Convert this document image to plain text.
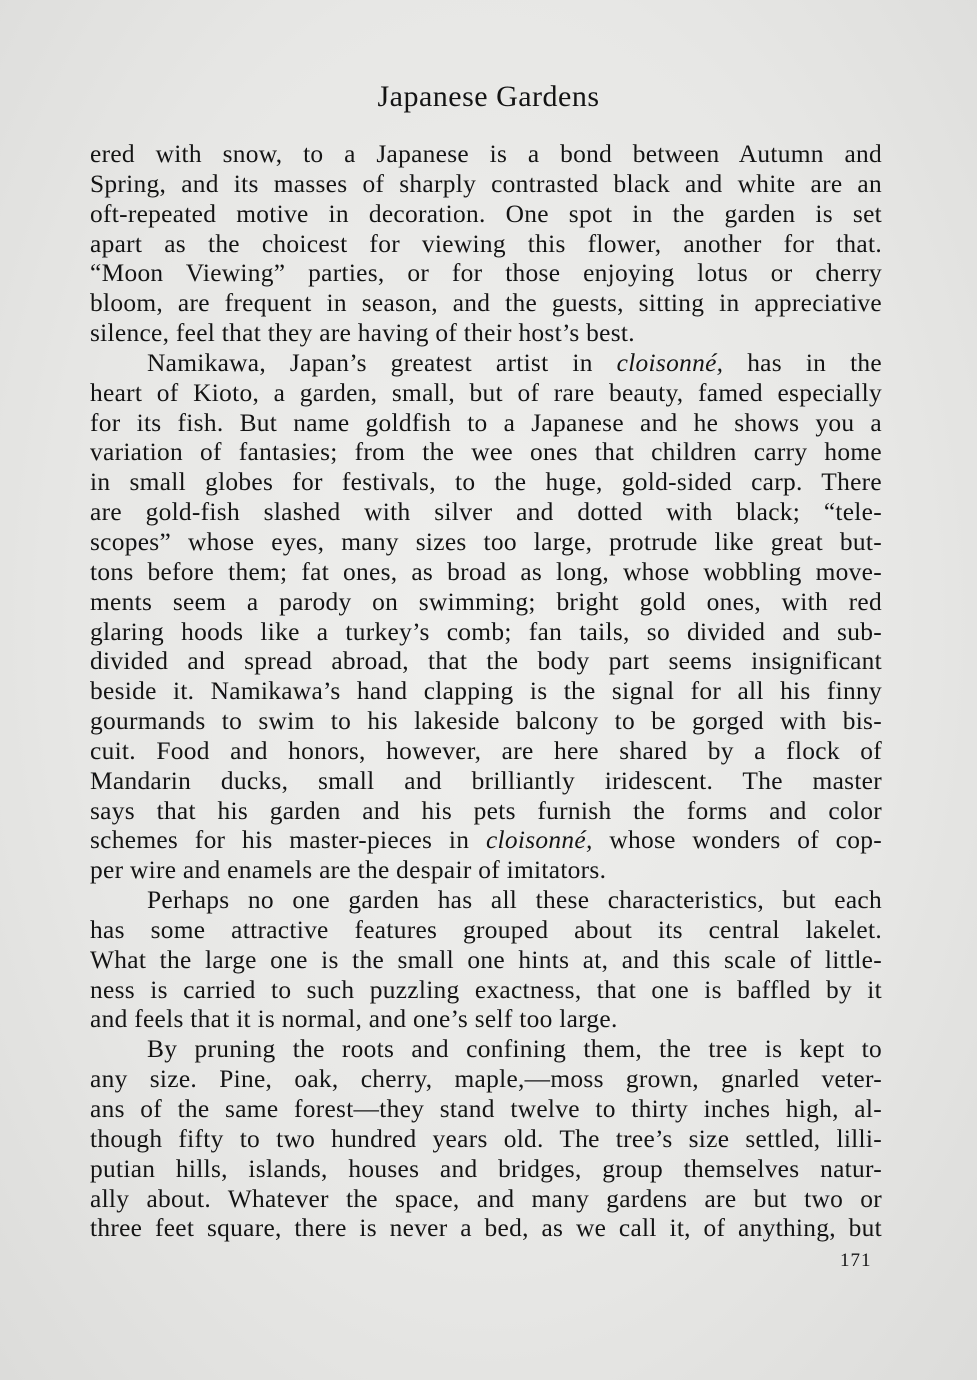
Japanese Gardens
ered with snow, to a Japanese is a bond between Autumn and
Spring, and its masses of sharply contrasted black and white are an
oft-repeated motive in decoration. One spot in the garden is set
apart as the choicest for viewing this flower, another for that.
“Moon Viewing” parties, or for those enjoying lotus or cherry
bloom, are frequent in season, and the guests, sitting in appreciative
silence, feel that they are having of their host’s best.
Namikawa, Japan’s greatest artist in cloisonné, has in the
heart of Kioto, a garden, small, but of rare beauty, famed especially
for its fish. But name goldfish to a Japanese and he shows you a
variation of fantasies; from the wee ones that children carry home
in small globes for festivals, to the huge, gold-sided carp. There
are gold-fish slashed with silver and dotted with black; “tele-
scopes” whose eyes, many sizes too large, protrude like great but-
tons before them; fat ones, as broad as long, whose wobbling move-
ments seem a parody on swimming; bright gold ones, with red
glaring hoods like a turkey’s comb; fan tails, so divided and sub-
divided and spread abroad, that the body part seems insignificant
beside it. Namikawa’s hand clapping is the signal for all his finny
gourmands to swim to his lakeside balcony to be gorged with bis-
cuit. Food and honors, however, are here shared by a flock of
Mandarin ducks, small and brilliantly iridescent. The master
says that his garden and his pets furnish the forms and color
schemes for his master-pieces in cloisonné, whose wonders of cop-
per wire and enamels are the despair of imitators.
Perhaps no one garden has all these characteristics, but each
has some attractive features grouped about its central lakelet.
What the large one is the small one hints at, and this scale of little-
ness is carried to such puzzling exactness, that one is baffled by it
and feels that it is normal, and one’s self too large.
By pruning the roots and confining them, the tree is kept to
any size. Pine, oak, cherry, maple,—moss grown, gnarled veter-
ans of the same forest—they stand twelve to thirty inches high, al-
though fifty to two hundred years old. The tree’s size settled, lilli-
putian hills, islands, houses and bridges, group themselves natur-
ally about. Whatever the space, and many gardens are but two or
three feet square, there is never a bed, as we call it, of anything, but
171
